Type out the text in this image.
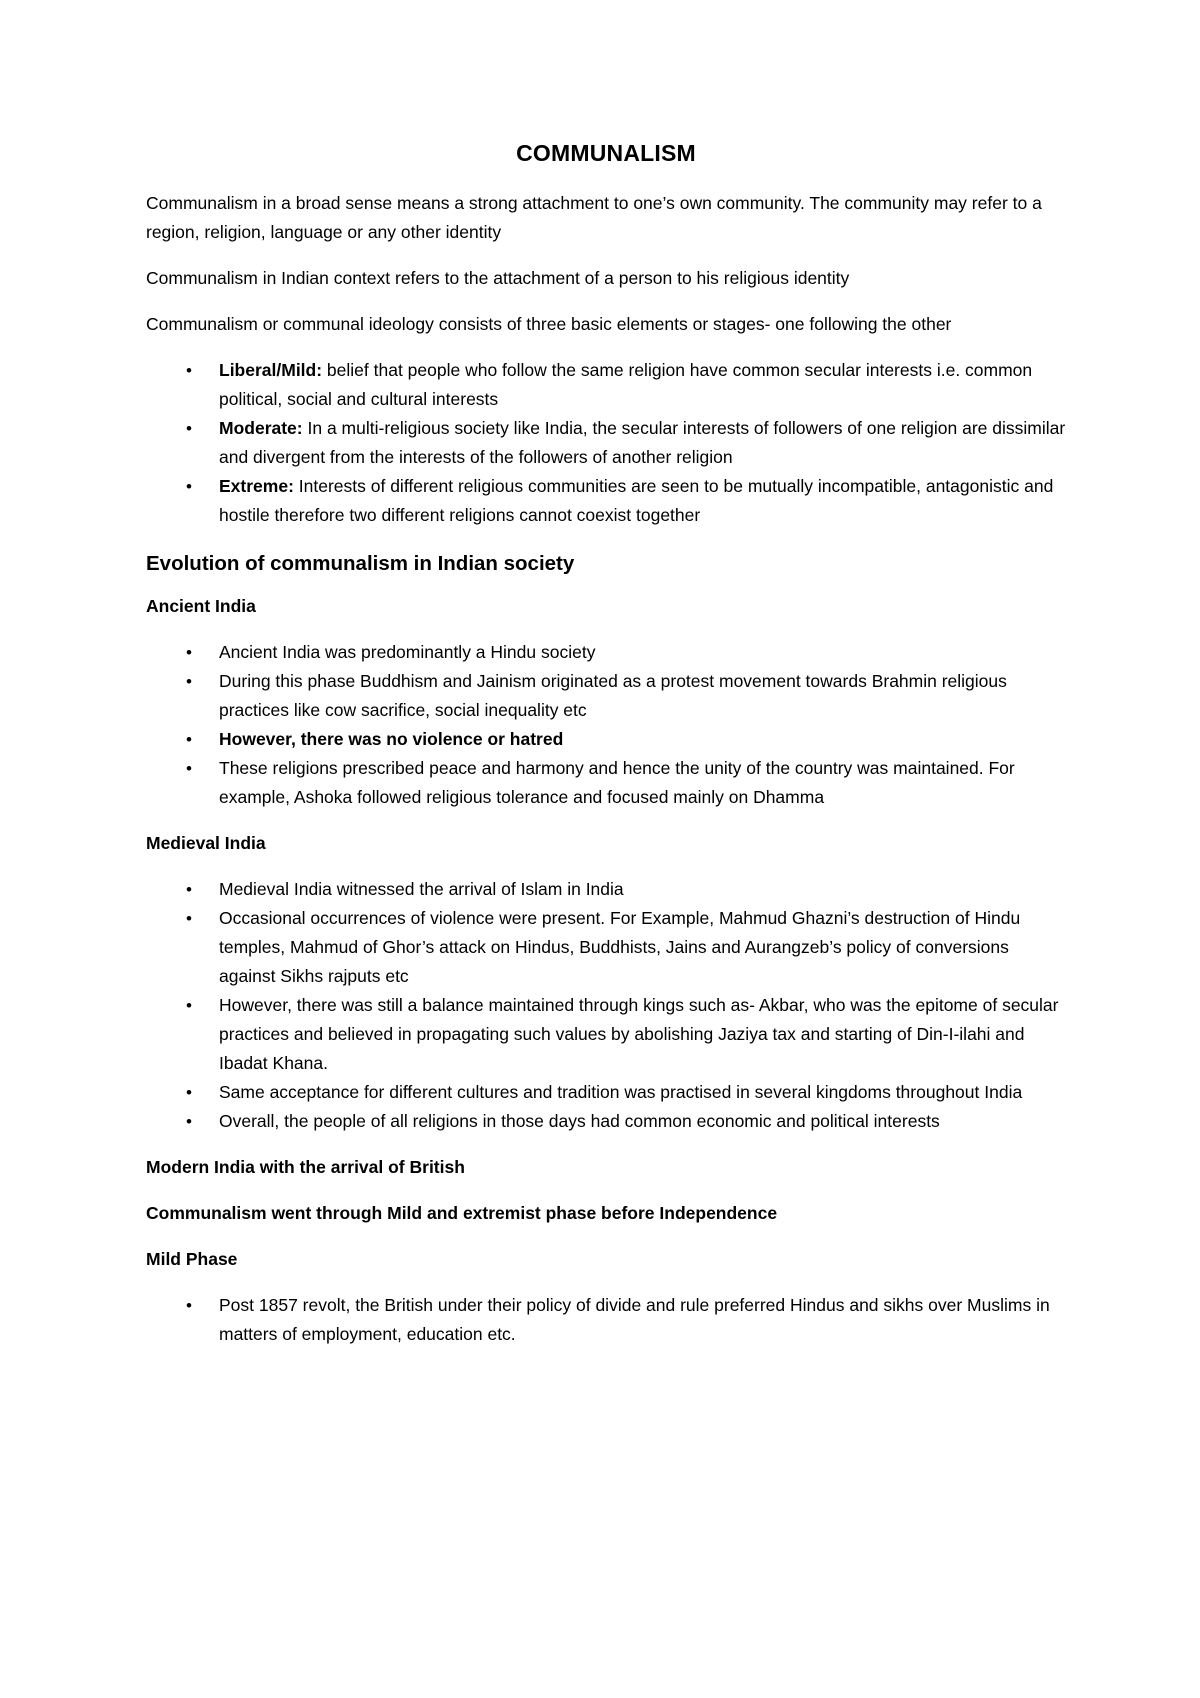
COMMUNALISM

Communalism in a broad sense means a strong attachment to one’s own community. The community may refer to a region, religion, language or any other identity

Communalism in Indian context refers to the attachment of a person to his religious identity

Communalism or communal ideology consists of three basic elements or stages- one following the other

• Liberal/Mild: belief that people who follow the same religion have common secular interests i.e. common political, social and cultural interests
• Moderate: In a multi-religious society like India, the secular interests of followers of one religion are dissimilar and divergent from the interests of the followers of another religion
• Extreme: Interests of different religious communities are seen to be mutually incompatible, antagonistic and hostile therefore two different religions cannot coexist together
Evolution of communalism in Indian society
Ancient India
• Ancient India was predominantly a Hindu society
• During this phase Buddhism and Jainism originated as a protest movement towards Brahmin religious practices like cow sacrifice, social inequality etc
• However, there was no violence or hatred
• These religions prescribed peace and harmony and hence the unity of the country was maintained. For example, Ashoka followed religious tolerance and focused mainly on Dhamma
Medieval India
• Medieval India witnessed the arrival of Islam in India
• Occasional occurrences of violence were present. For Example, Mahmud Ghazni’s destruction of Hindu temples, Mahmud of Ghor’s attack on Hindus, Buddhists, Jains and Aurangzeb’s policy of conversions against Sikhs rajputs etc
• However, there was still a balance maintained through kings such as- Akbar, who was the epitome of secular practices and believed in propagating such values by abolishing Jaziya tax and starting of Din-I-ilahi and Ibadat Khana.
• Same acceptance for different cultures and tradition was practised in several kingdoms throughout India
• Overall, the people of all religions in those days had common economic and political interests
Modern India with the arrival of British
Communalism went through Mild and extremist phase before Independence
Mild Phase
• Post 1857 revolt, the British under their policy of divide and rule preferred Hindus and sikhs over Muslims in matters of employment, education etc.
